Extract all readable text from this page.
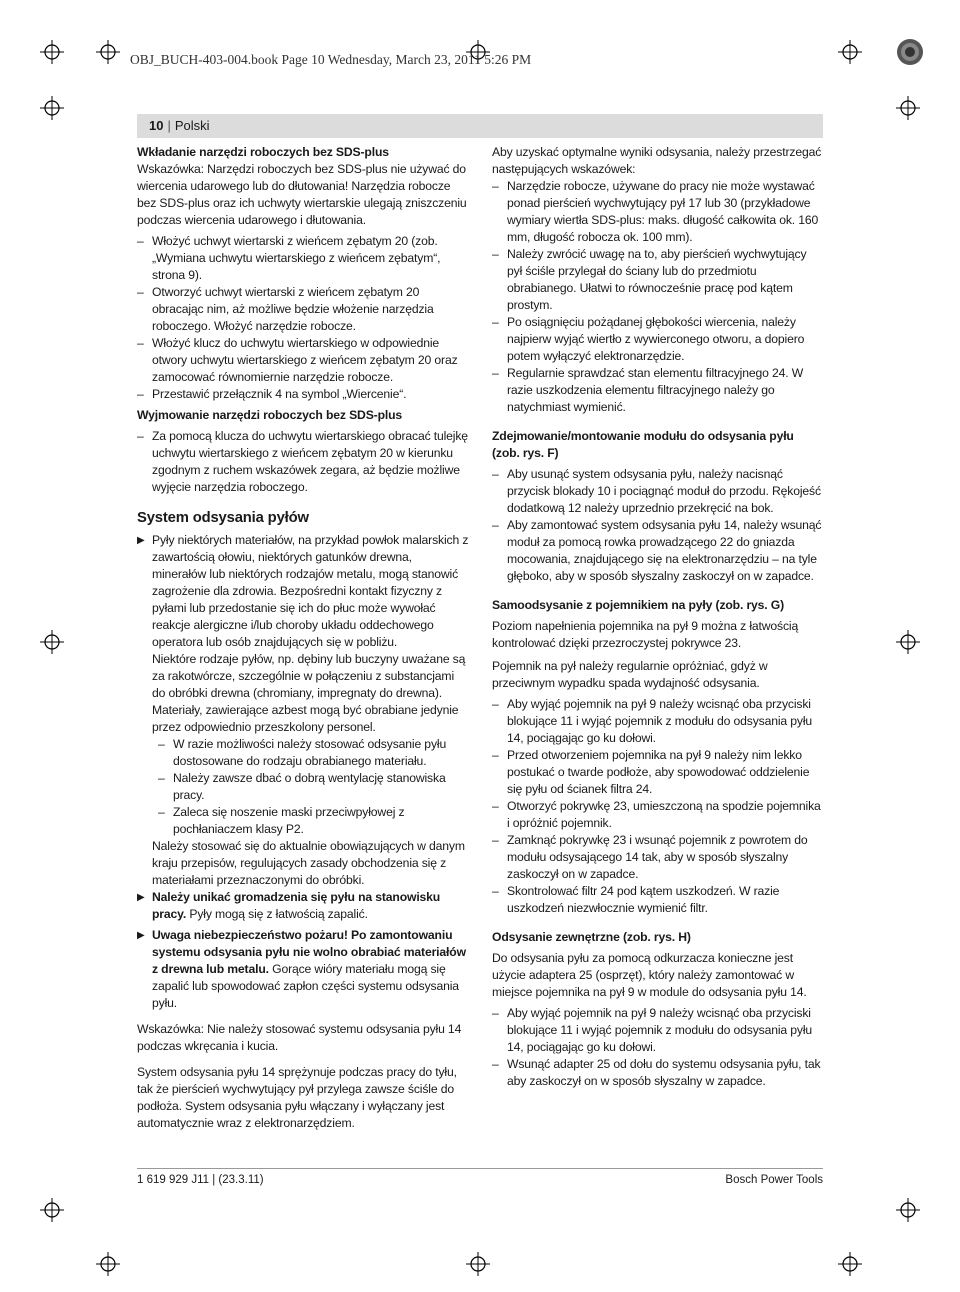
OBJ_BUCH-403-004.book Page 10 Wednesday, March 23, 2011 5:26 PM
10 | Polski

Wkładanie narzędzi roboczych bez SDS-plus

Wskazówka: Narzędzi roboczych bez SDS-plus nie używać do wiercenia udarowego lub do dłutowania! Narzędzia robocze bez SDS-plus oraz ich uchwyty wiertarskie ulegają zniszczeniu podczas wiercenia udarowego i dłutowania.

– Włożyć uchwyt wiertarski z wieńcem zębatym 20 (zob. „Wymiana uchwytu wiertarskiego z wieńcem zębatym“, strona 9).

– Otworzyć uchwyt wiertarski z wieńcem zębatym 20 obracając nim, aż możliwe będzie włożenie narzędzia roboczego. Włożyć narzędzie robocze.

– Włożyć klucz do uchwytu wiertarskiego w odpowiednie otwory uchwytu wiertarskiego z wieńcem zębatym 20 oraz zamocować równomiernie narzędzie robocze.

– Przestawić przełącznik 4 na symbol „Wiercenie“.

Wyjmowanie narzędzi roboczych bez SDS-plus

– Za pomocą klucza do uchwytu wiertarskiego obracać tulejkę uchwytu wiertarskiego z wieńcem zębatym 20 w kierunku zgodnym z ruchem wskazówek zegara, aż będzie możliwe wyjęcie narzędzia roboczego.

System odsysania pyłów

▶ Pyły niektórych materiałów, na przykład powłok malarskich z zawartością ołowiu, niektórych gatunków drewna, minerałów lub niektórych rodzajów metalu, mogą stanowić zagrożenie dla zdrowia. Bezpośredni kontakt fizyczny z pyłami lub przedostanie się ich do płuc może wywołać reakcje alergiczne i/lub choroby układu oddechowego operatora lub osób znajdujących się w pobliżu.

Niektóre rodzaje pyłów, np. dębiny lub buczyny uważane są za rakotwórcze, szczególnie w połączeniu z substancjami do obróbki drewna (chromiany, impregnaty do drewna). Materiały, zawierające azbest mogą być obrabiane jedynie przez odpowiednio przeszkolony personel.

– W razie możliwości należy stosować odsysanie pyłu dostosowane do rodzaju obrabianego materiału.

– Należy zawsze dbać o dobrą wentylację stanowiska pracy.

– Zaleca się noszenie maski przeciwpyłowej z pochłaniaczem klasy P2.

Należy stosować się do aktualnie obowiązujących w danym kraju przepisów, regulujących zasady obchodzenia się z materiałami przeznaczonymi do obróbki.

▶ Należy unikać gromadzenia się pyłu na stanowisku pracy. Pyły mogą się z łatwością zapalić.

▶ Uwaga niebezpieczeństwo pożaru! Po zamontowaniu systemu odsysania pyłu nie wolno obrabiać materiałów z drewna lub metalu. Gorące wióry materiału mogą się zapalić lub spowodować zapłon części systemu odsysania pyłu.

Wskazówka: Nie należy stosować systemu odsysania pyłu 14 podczas wkręcania i kucia.

System odsysania pyłu 14 sprężynuje podczas pracy do tyłu, tak że pierścień wychwytujący pył przylega zawsze ściśle do podłoża. System odsysania pyłu włączany i wyłączany jest automatycznie wraz z elektronarzędziem.

Aby uzyskać optymalne wyniki odsysania, należy przestrzegać następujących wskazówek:

– Narzędzie robocze, używane do pracy nie może wystawać ponad pierścień wychwytujący pył 17 lub 30 (przykładowe wymiary wiertła SDS-plus: maks. długość całkowita ok. 160 mm, długość robocza ok. 100 mm).

– Należy zwrócić uwagę na to, aby pierścień wychwytujący pył ściśle przylegał do ściany lub do przedmiotu obrabianego. Ułatwi to równocześnie pracę pod kątem prostym.

– Po osiągnięciu pożądanej głębokości wiercenia, należy najpierw wyjąć wiertło z wywierconego otworu, a dopiero potem wyłączyć elektronarzędzie.

– Regularnie sprawdzać stan elementu filtracyjnego 24. W razie uszkodzenia elementu filtracyjnego należy go natychmiast wymienić.

Zdejmowanie/montowanie modułu do odsysania pyłu (zob. rys. F)

– Aby usunąć system odsysania pyłu, należy nacisnąć przycisk blokady 10 i pociągnąć moduł do przodu. Rękojeść dodatkową 12 należy uprzednio przekręcić na bok.

– Aby zamontować system odsysania pyłu 14, należy wsunąć moduł za pomocą rowka prowadzącego 22 do gniazda mocowania, znajdującego się na elektronarzędziu – na tyle głęboko, aby w sposób słyszalny zaskoczył on w zapadce.

Samoodsysanie z pojemnikiem na pyły (zob. rys. G)

Poziom napełnienia pojemnika na pył 9 można z łatwością kontrolować dzięki przezroczystej pokrywce 23.

Pojemnik na pył należy regularnie opróżniać, gdyż w przeciwnym wypadku spada wydajność odsysania.

– Aby wyjąć pojemnik na pył 9 należy wcisnąć oba przyciski blokujące 11 i wyjąć pojemnik z modułu do odsysania pyłu 14, pociągając go ku dołowi.

– Przed otworzeniem pojemnika na pył 9 należy nim lekko postukać o twarde podłoże, aby spowodować oddzielenie się pyłu od ścianek filtra 24.

– Otworzyć pokrywkę 23, umieszczoną na spodzie pojemnika i opróżnić pojemnik.

– Zamknąć pokrywkę 23 i wsunąć pojemnik z powrotem do modułu odsysającego 14 tak, aby w sposób słyszalny zaskoczył on w zapadce.

– Skontrolować filtr 24 pod kątem uszkodzeń. W razie uszkodzeń niezwłocznie wymienić filtr.

Odsysanie zewnętrzne (zob. rys. H)

Do odsysania pyłu za pomocą odkurzacza konieczne jest użycie adaptera 25 (osprzęt), który należy zamontować w miejsce pojemnika na pył 9 w module do odsysania pyłu 14.

– Aby wyjąć pojemnik na pył 9 należy wcisnąć oba przyciski blokujące 11 i wyjąć pojemnik z modułu do odsysania pyłu 14, pociągając go ku dołowi.

– Wsunąć adapter 25 od dołu do systemu odsysania pyłu, tak aby zaskoczył on w sposób słyszalny w zapadce.

1 619 929 J11 | (23.3.11)	Bosch Power Tools
